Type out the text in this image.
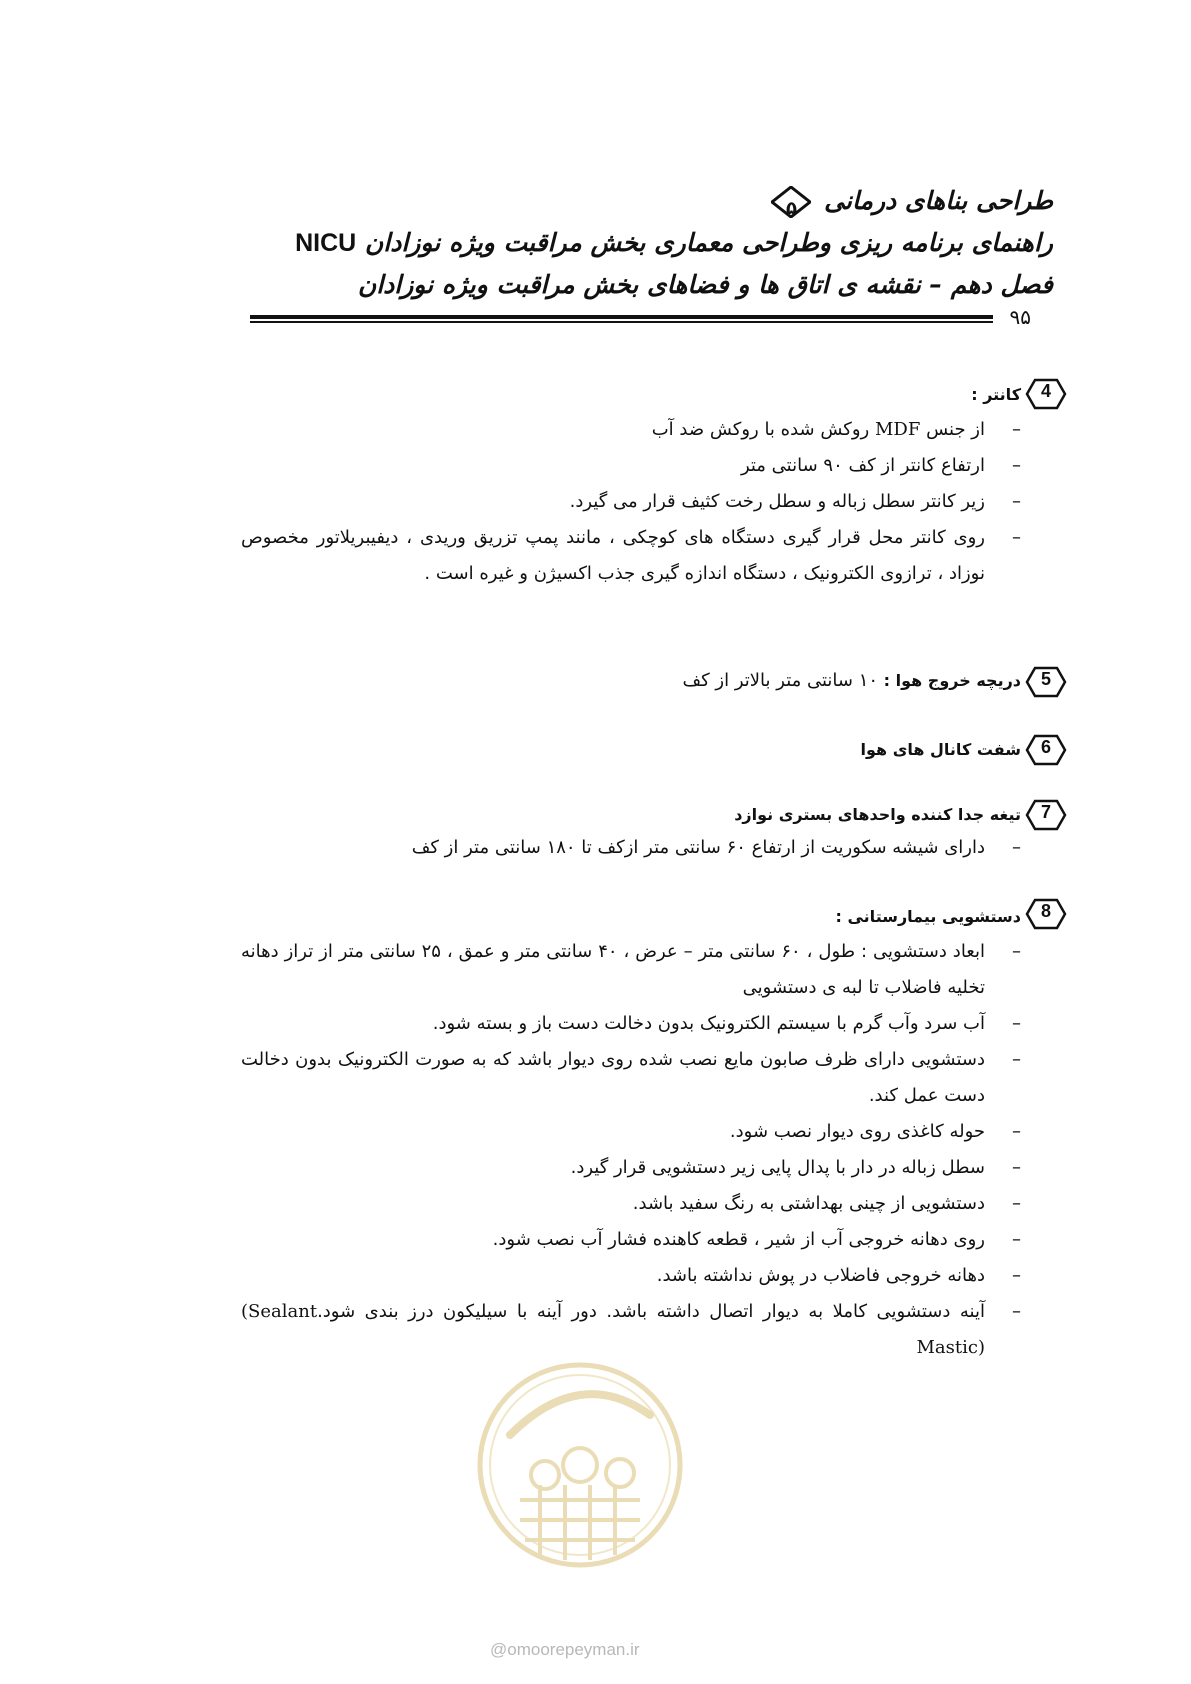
طراحی بناهای درمانی
۵
راهنمای برنامه ریزی وطراحی معماری بخش مراقبت ویژه نوزادان NICU
فصل دهم – نقشه ی اتاق ها و فضاهای بخش مراقبت ویژه نوزادان
۹۵
4
کانتر :
–
از جنس MDF روکش شده با روکش ضد آب
–
ارتفاع کانتر از کف ۹۰ سانتی متر
–
زیر کانتر سطل زباله و سطل رخت کثیف قرار می گیرد.
–
روی کانتر محل قرار گیری دستگاه های کوچکی ، مانند پمپ تزریق وریدی ، دیفیبریلاتور مخصوص نوزاد ، ترازوی الکترونیک ، دستگاه اندازه گیری جذب اکسیژن و غیره است .
5
دریچه خروج هوا : ۱۰ سانتی متر بالاتر از کف
6
شفت کانال های هوا
7
تیغه جدا کننده واحدهای بستری نوازد
–
دارای شیشه سکوریت از ارتفاع ۶۰ سانتی متر ازکف تا ۱۸۰ سانتی متر از کف
8
دستشویی بیمارستانی :
–
ابعاد دستشویی : طول ، ۶۰ سانتی متر – عرض ، ۴۰ سانتی متر و عمق ، ۲۵ سانتی متر از تراز دهانه تخلیه فاضلاب تا لبه ی دستشویی
–
آب سرد وآب گرم با سیستم الکترونیک بدون دخالت دست باز و بسته شود.
–
دستشویی دارای ظرف صابون مایع نصب شده روی دیوار باشد که به صورت الکترونیک بدون دخالت دست عمل کند.
–
حوله کاغذی روی دیوار نصب شود.
–
سطل زباله در دار با پدال پایی زیر دستشویی قرار گیرد.
–
دستشویی از چینی بهداشتی به رنگ سفید باشد.
–
روی دهانه خروجی آب از شیر ، قطعه کاهنده فشار آب نصب شود.
–
دهانه خروجی فاضلاب در پوش نداشته باشد.
–
آینه دستشویی کاملا به دیوار اتصال داشته باشد. دور آینه با سیلیکون درز بندی شود.(Sealant Mastic)
@omoorepeyman.ir
